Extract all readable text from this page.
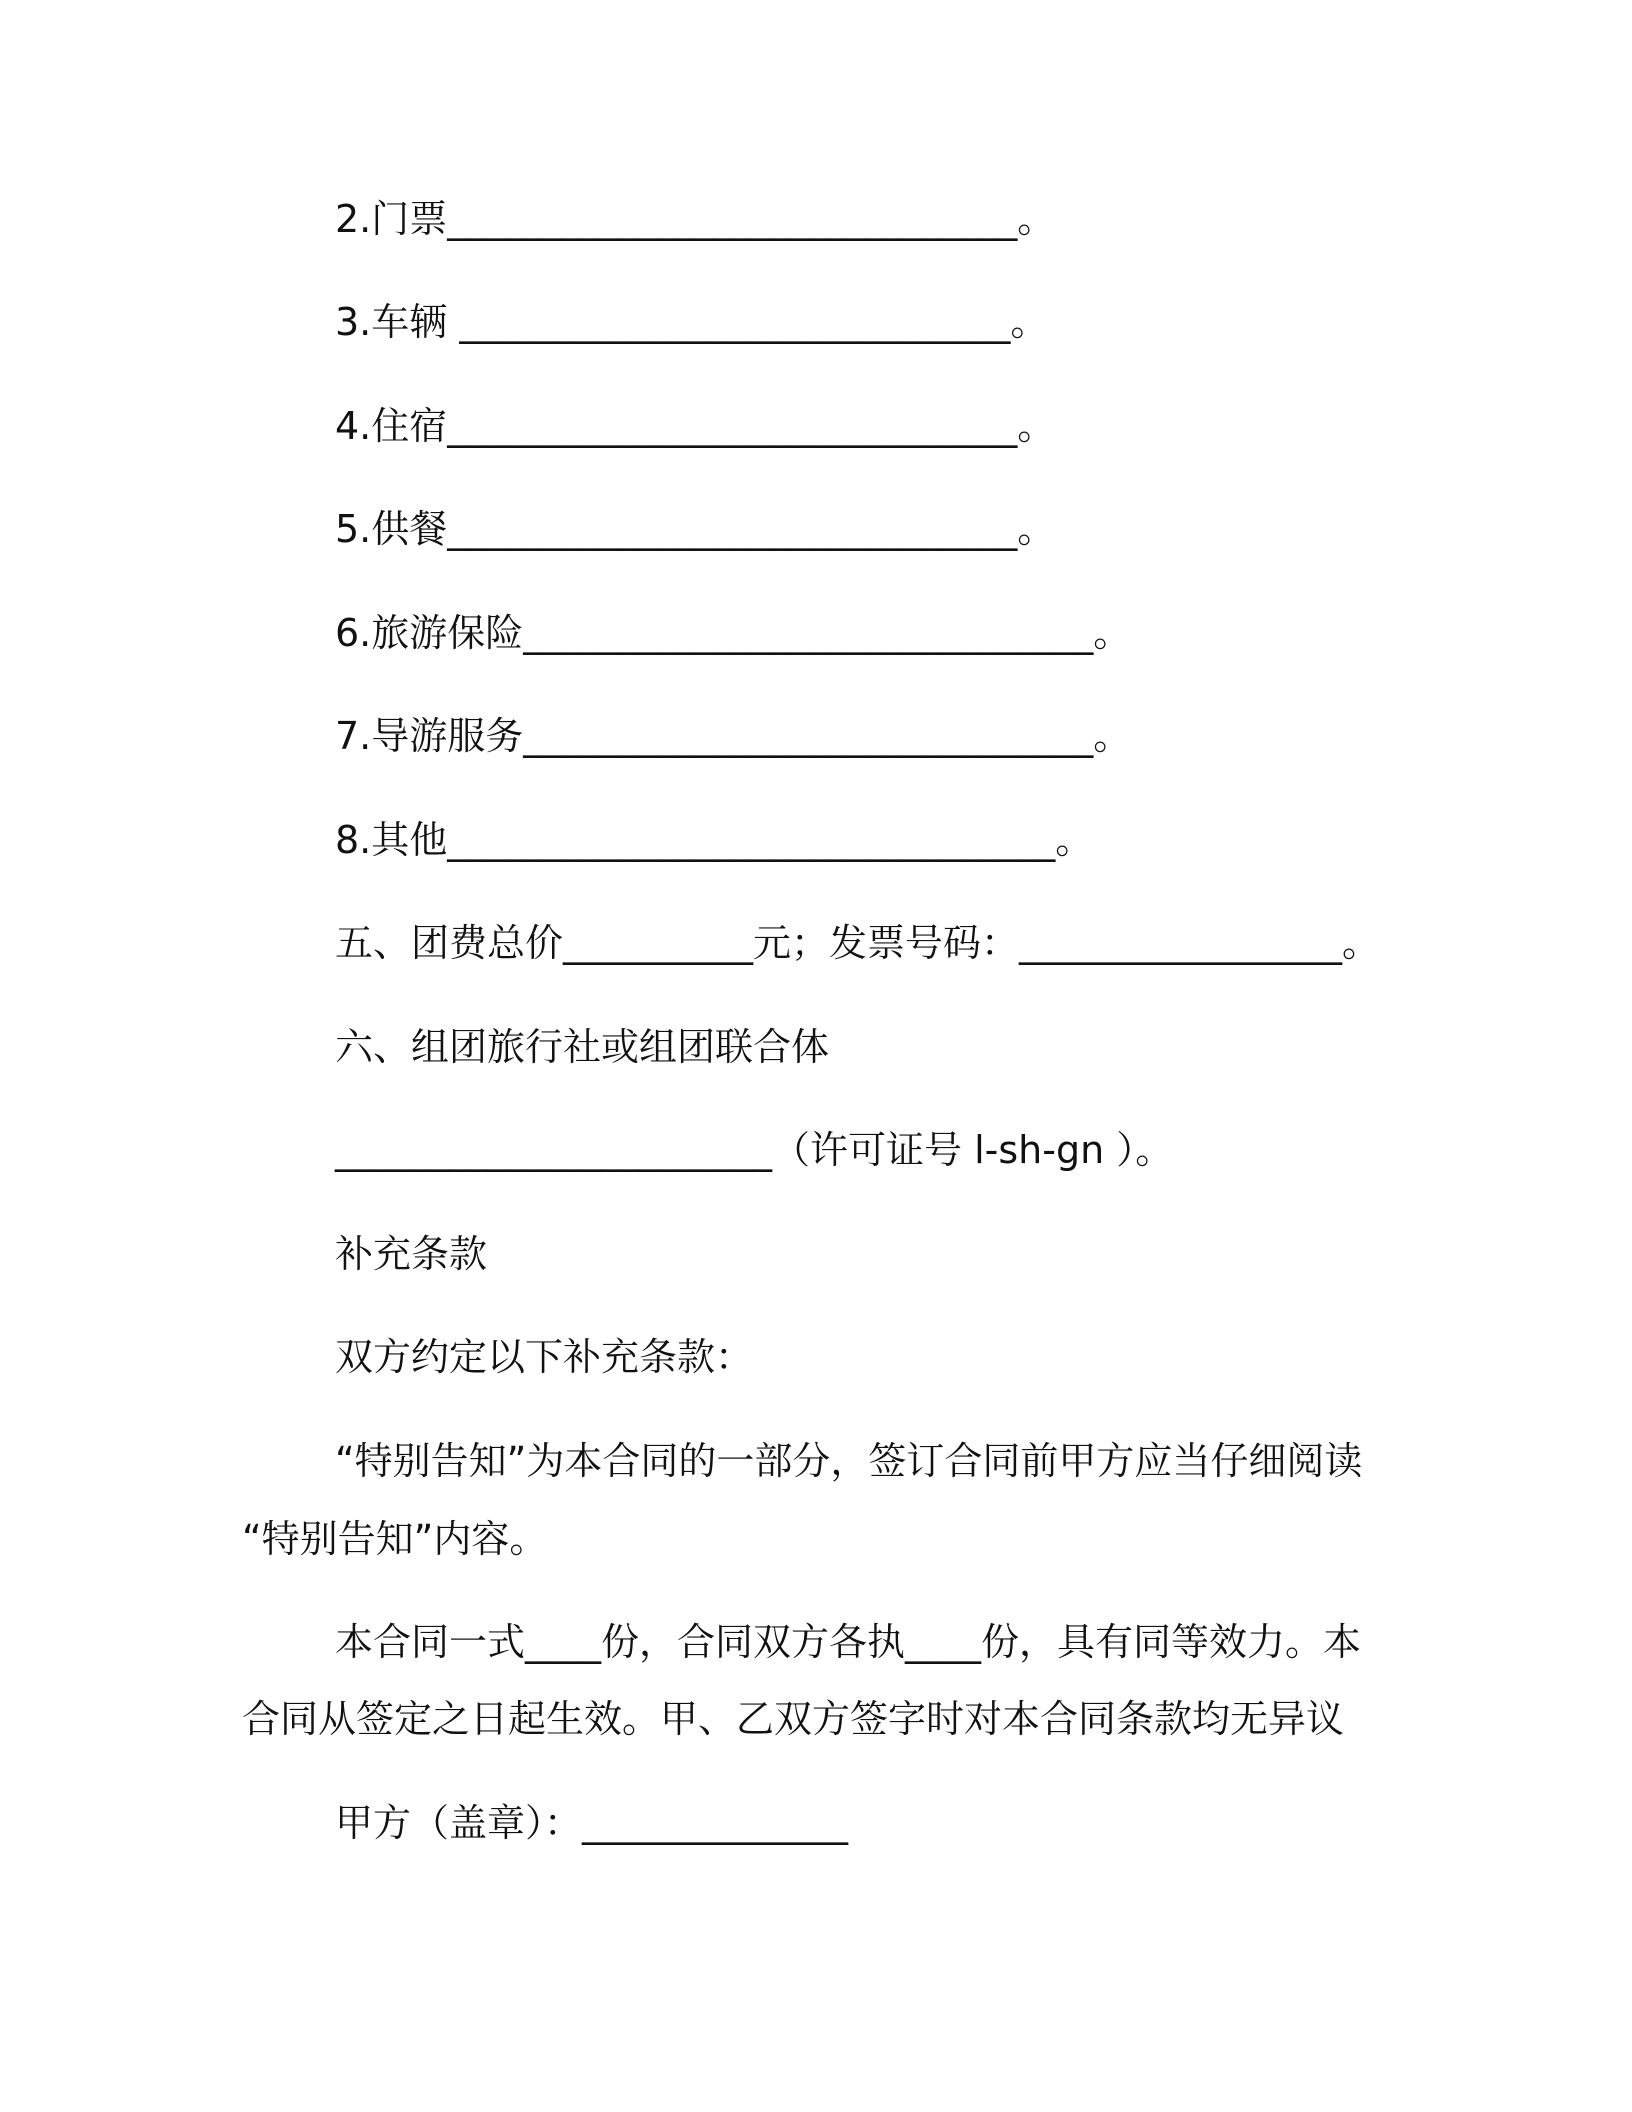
2.门票______________________________。
3.车辆 _____________________________。
4.住宿______________________________。
5.供餐______________________________。
6.旅游保险______________________________。
7.导游服务______________________________。
8.其他________________________________。
五、团费总价__________元；发票号码：_________________。
六、组团旅行社或组团联合体
_______________________（许可证号 l-sh-gn ）。
补充条款
双方约定以下补充条款：
“特别告知”为本合同的一部分，签订合同前甲方应当仔细阅读
“特别告知”内容。
本合同一式____份，合同双方各执____份，具有同等效力。本
合同从签定之日起生效。甲、乙双方签字时对本合同条款均无异议
甲方（盖章）：______________
